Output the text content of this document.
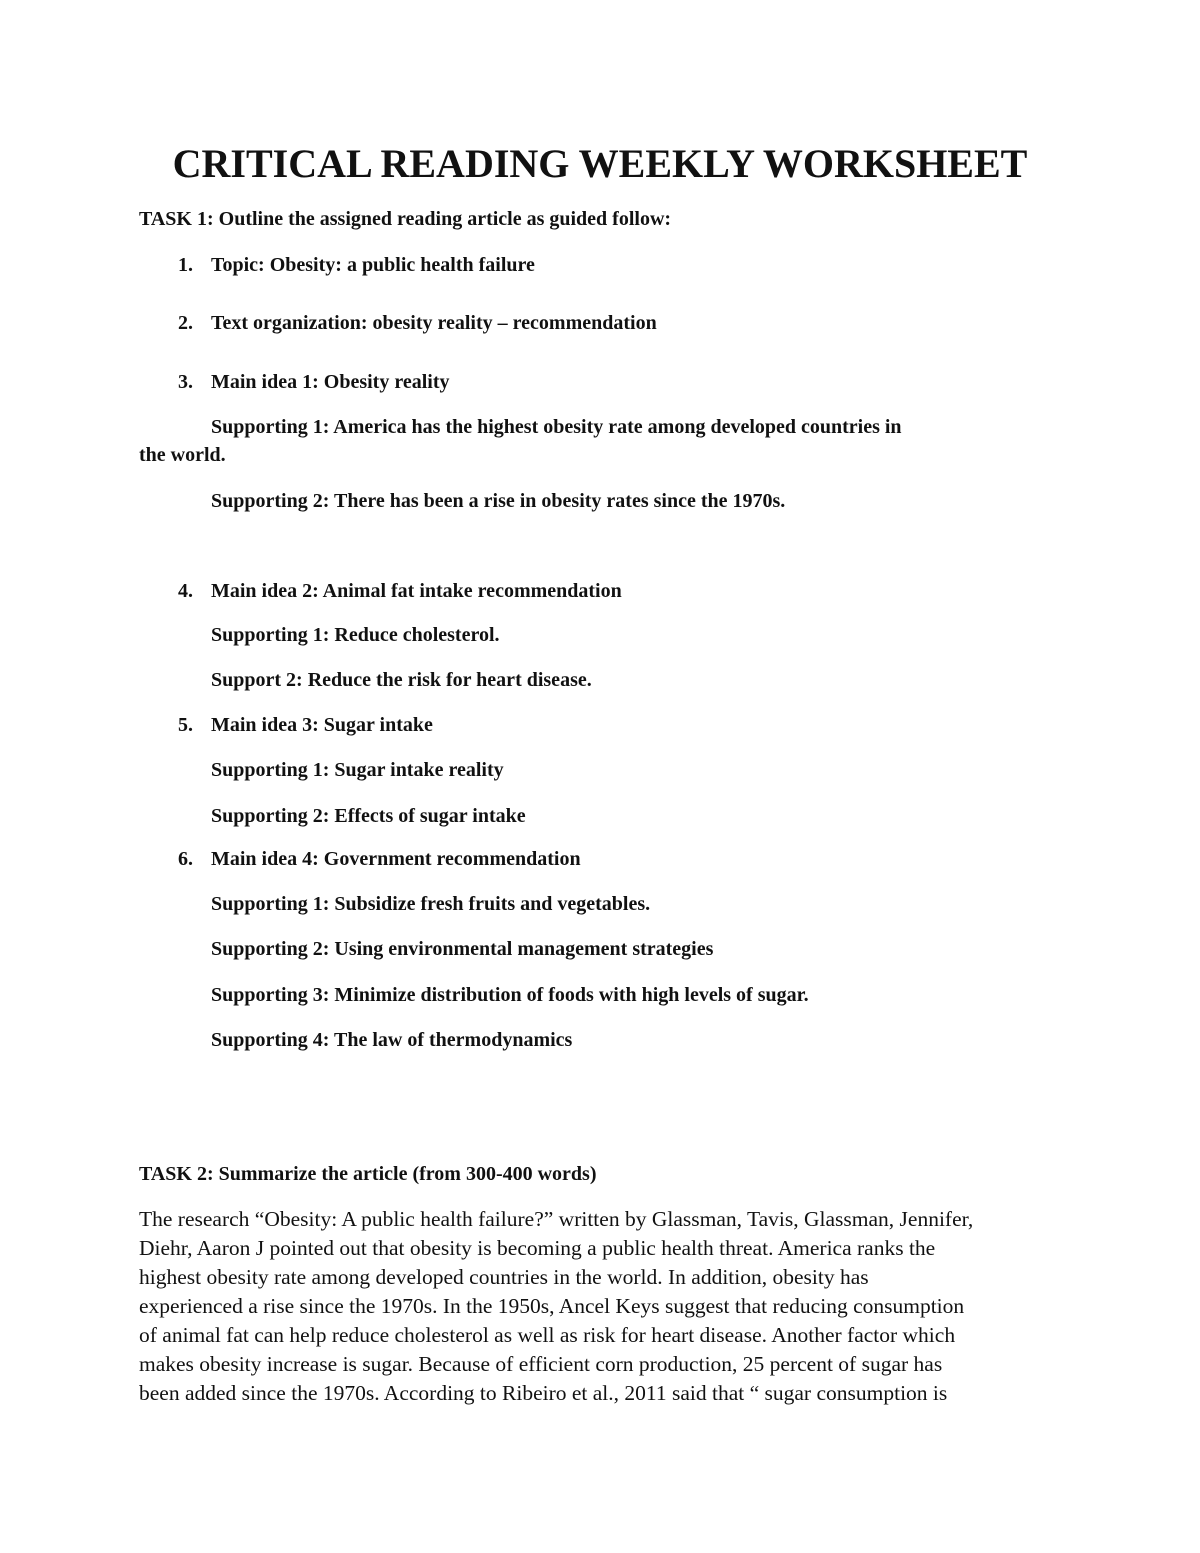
CRITICAL READING WEEKLY WORKSHEET

TASK 1: Outline the assigned reading article as guided follow:

1. Topic: Obesity: a public health failure

2. Text organization: obesity reality – recommendation

3. Main idea 1: Obesity reality

Supporting 1: America has the highest obesity rate among developed countries in

the world.

Supporting 2: There has been a rise in obesity rates since the 1970s.

4. Main idea 2: Animal fat intake recommendation

Supporting 1: Reduce cholesterol.

Support 2: Reduce the risk for heart disease.

5. Main idea 3: Sugar intake

Supporting 1: Sugar intake reality

Supporting 2: Effects of sugar intake

6. Main idea 4: Government recommendation

Supporting 1: Subsidize fresh fruits and vegetables.

Supporting 2: Using environmental management strategies

Supporting 3: Minimize distribution of foods with high levels of sugar.

Supporting 4: The law of thermodynamics

TASK 2: Summarize the article (from 300-400 words)

The research “Obesity: A public health failure?” written by Glassman, Tavis, Glassman, Jennifer,
Diehr, Aaron J pointed out that obesity is becoming a public health threat. America ranks the
highest obesity rate among developed countries in the world. In addition, obesity has
experienced a rise since the 1970s. In the 1950s, Ancel Keys suggest that reducing consumption
of animal fat can help reduce cholesterol as well as risk for heart disease. Another factor which
makes obesity increase is sugar. Because of efficient corn production, 25 percent of sugar has
been added since the 1970s. According to Ribeiro et al., 2011 said that “ sugar consumption is
